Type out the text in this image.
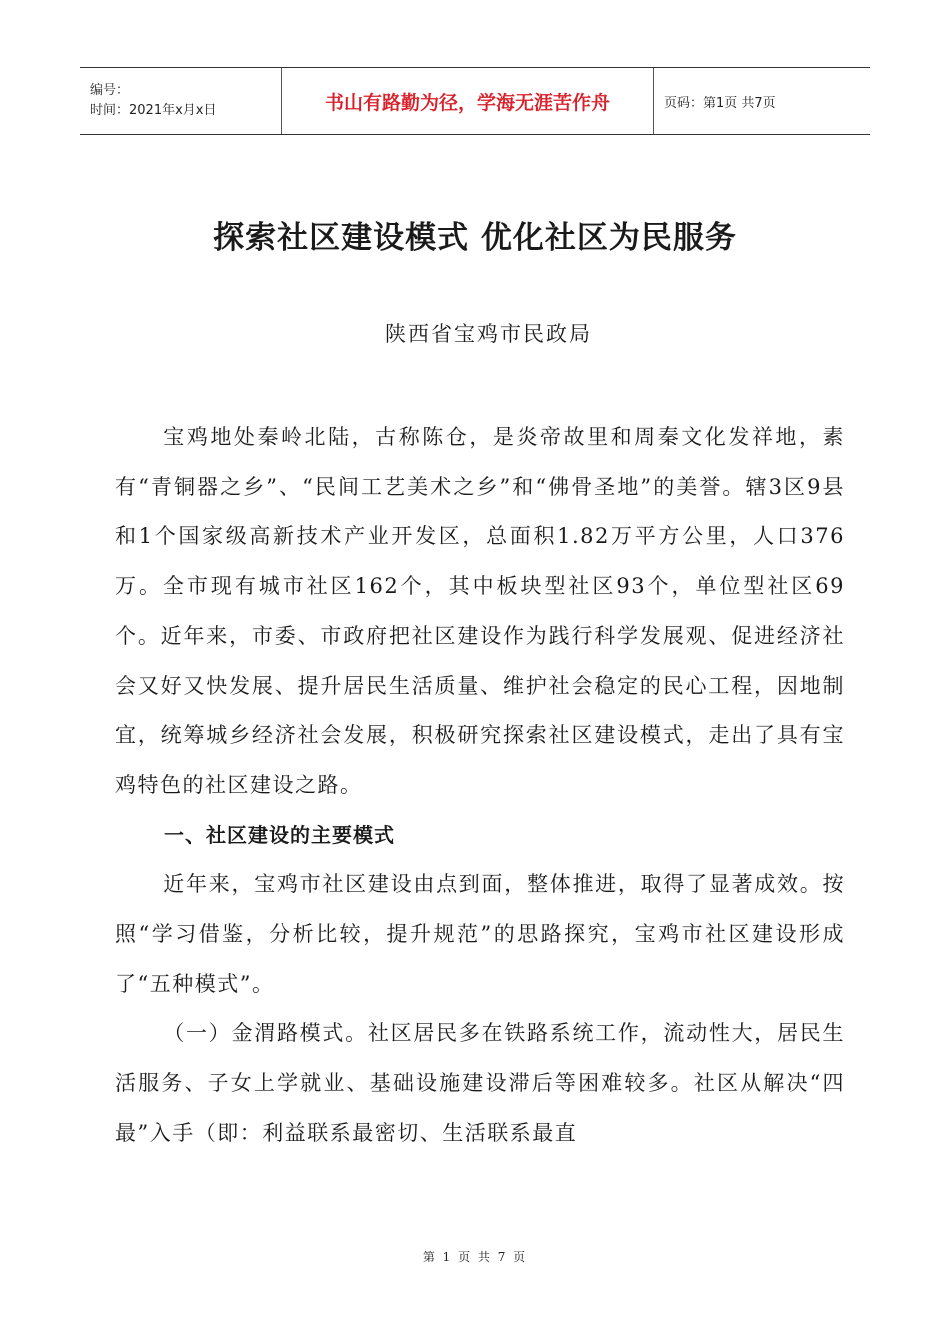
编号：
时间：2021年x月x日	书山有路勤为径，学海无涯苦作舟	页码：第1页 共7页
探索社区建设模式 优化社区为民服务
陕西省宝鸡市民政局

宝鸡地处秦岭北陆，古称陈仓，是炎帝故里和周秦文化发祥地，素有“青铜器之乡”、“民间工艺美术之乡”和“佛骨圣地”的美誉。辖3区9县和1个国家级高新技术产业开发区，总面积1.82万平方公里，人口376万。全市现有城市社区162个，其中板块型社区93个，单位型社区69个。近年来，市委、市政府把社区建设作为践行科学发展观、促进经济社会又好又快发展、提升居民生活质量、维护社会稳定的民心工程，因地制宜，统筹城乡经济社会发展，积极研究探索社区建设模式，走出了具有宝鸡特色的社区建设之路。

一、社区建设的主要模式

近年来，宝鸡市社区建设由点到面，整体推进，取得了显著成效。按照“学习借鉴，分析比较，提升规范”的思路探究，宝鸡市社区建设形成了“五种模式”。

（一）金渭路模式。社区居民多在铁路系统工作，流动性大，居民生活服务、子女上学就业、基础设施建设滞后等困难较多。社区从解决“四最”入手（即：利益联系最密切、生活联系最直

第 1 页 共 7 页
